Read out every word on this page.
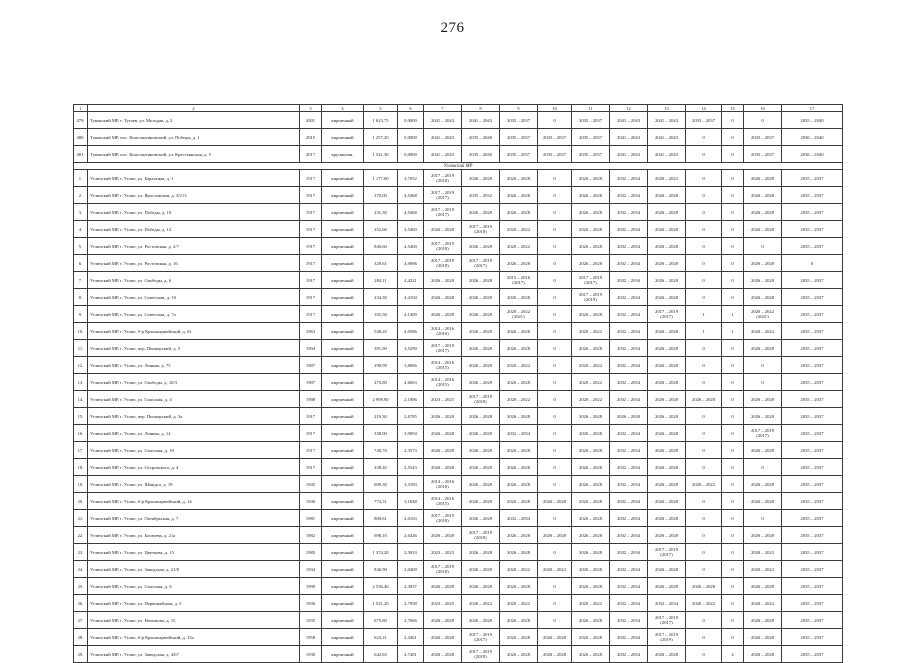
276
1	2	3	4	5	6	7	8	9	10	11	12	13	14	15	16	17
479.	Тунакский МР, г. Тутаев, ул. Молодая, д. 2	2001	кирпичный	1 623,75	0,0000	2041 – 2043	2041 – 2043	2035 – 2037	0	2035 – 2037	2041 – 2043	2041 – 2043	2035 – 2037	0	0	2035 – 2040
480.	Тунакский МР, пос. Константиновский, ул. Победы, д. 1	2015	кирпичный	1 257,20	0,0000	2041 – 2043	2035 – 2040	2035 – 2037	2035 – 2037	2035 – 2037	2041 – 2043	2041 – 2043	0	0	2035 – 2037	2036 – 2040
481.	Тунакский МР, пос. Константиновский, ул. Крестьянская, д. 5	2017	крупнопан.	1 541,30	0,0000	2041 – 2043	2035 – 2040	2035 – 2037	2035 – 2037	2035 – 2037	2041 – 2043	2041 – 2043	0	0	2035 – 2037	2036 – 2040
Угличский МР																
1.	Угличский МР, г. Углич, ул. Бархатная, д. 1	1917	кирпичный	1 177,00	3,7052	2017 – 2019 (2018)	2026 – 2028	2026 – 2028	0	2026 – 2028	2032 – 2034	2020 – 2022	0	0	2026 – 2028	2035 – 2037
2.	Угличский МР, г. Углич, ул. Ярославская, д. 25/13	1917	кирпичный	370,00	4,5468	2017 – 2019 (2017)	2035 – 2032	2026 – 2028	0	2026 – 2028	2032 – 2034	2026 – 2028	0	0	2026 – 2028	2035 – 2037
3.	Угличский МР, г. Углич, ул. Победы, д. 10	1917	кирпичный	231,30	4,5468	2017 – 2019 (2017)	2026 – 2028	2026 – 2028	0	2026 – 2028	2032 – 2034	2026 – 2028	0	0	2026 – 2028	2035 – 2037
4.	Угличский МР, г. Углич, ул. Победы, д. 12	1917	кирпичный	252,60	4,5469	2026 – 2028	2017 – 2019 (2018)	2020 – 2022	0	2026 – 2028	2032 – 2034	2026 – 2028	0	0	2026 – 2028	2035 – 2037
5.	Угличский МР, г. Углич, ул. Ростовская, д. 2/7	1917	кирпичный	840,60	4,5469	2017 – 2019 (2018)	2026 – 2028	2020 – 2022	0	2026 – 2028	2032 – 2034	2026 – 2028	0	0	0	2035 – 2037
6.	Угличский МР, г. Углич, ул. Ростовская, д. 16	1917	кирпичный	329,61	4,9096	2017 – 2019 (2018)	2017 – 2019 (2017)	2026 – 2028	0	2026 – 2028	2032 – 2034	2026 – 2028	0	0	2026 – 2028	0
7.	Угличский МР, г. Углич, ул. Свободы, д. 6	1917	кирпичный	284,11	4,4221	2026 – 2028	2026 – 2028	2015 – 2016 (2017)	0	2017 – 2019 (2017)	2032 – 2034	2026 – 2028	0	0	2026 – 2028	2035 – 2037
8.	Угличский МР, г. Углич, ул. Советская, д. 10	1917	кирпичный	234,30	4,4194	2026 – 2028	2026 – 2028	2026 – 2028	0	2017 – 2019 (2019)	2032 – 2034	2026 – 2028	0	0	2026 – 2028	2035 – 2037
9.	Угличский МР, г. Углич, ул. Советская, д. 7а	1917	кирпичный	165,50	4,1409	2026 – 2028	2026 – 2028	2020 – 2022 (2021)	0	2026 – 2028	2032 – 2034	2017 – 2019 (2017)	1	1	2020 – 2022 (2021)	2035 – 2037
10.	Угличский МР, г. Углич, б-р Красноармейский, д. 61	1963	кирпичный	548,20	4,0386	2014 – 2016 (2016)	2026 – 2028	2026 – 2028	0	2020 – 2022	2032 – 2034	2026 – 2028	1	1	2020 – 2022	2035 – 2037
11.	Угличский МР, г. Углич, пер. Пионерский, д. 5	1904	кирпичный	391,90	3,5299	2017 – 2019 (2017)	2026 – 2028	2026 – 2028	0	2026 – 2028	2032 – 2034	2026 – 2028	0	0	2026 – 2028	2035 – 2037
12.	Угличский МР, г. Углич, ул. Ленина, д. 75	1907	кирпичный	290,99	3,8066	2014 – 2016 (2015)	2026 – 2028	2020 – 2022	0	2020 – 2022	2032 – 2034	2026 – 2028	0	0	0	2035 – 2037
13.	Угличский МР, г. Углич, ул. Свободы, д. 10/3	1907	кирпичный	273,80	4,6063	2014 – 2016 (2015)	2026 – 2028	2026 – 2028	0	2020 – 2022	2032 – 2034	2026 – 2028	0	0	0	2035 – 2037
14.	Угличский МР, г. Углич, ул. Спасская, д. 4	1908	кирпичный	2 998,90	2,1986	2023 – 2025	2017 – 2019 (2018)	2020 – 2022	0	2020 – 2022	2032 – 2034	2026 – 2028	2026 – 2028	0	2026 – 2028	2035 – 2037
15.	Угличский МР, г. Углич, пер. Пионерский, д. 3а	1917	кирпичный	219,30	2,6785	2026 – 2028	2026 – 2028	2026 – 2028	0	2026 – 2028	2026 – 2028	2026 – 2028	0	0	2026 – 2028	2035 – 2037
16.	Угличский МР, г. Углич, ул. Ленина, д. 14	1917	кирпичный	338,00	3,9094	2026 – 2028	2026 – 2028	2032 – 2034	0	2026 – 2028	2032 – 2034	2026 – 2028	0	0	2017 – 2019 (2017)	2035 – 2037
17.	Угличский МР, г. Углич, ул. Спасская, д. 10	1917	кирпичный	740,70	2,3573	2026 – 2028	2026 – 2028	2026 – 2028	0	2026 – 2028	2032 – 2034	2026 – 2028	0	0	2026 – 2028	2035 – 2037
18.	Угличский МР, г. Углич, ул. Островского, д. 4	1917	кирпичный	238,40	2,5543	2026 – 2028	2026 – 2028	2026 – 2028	0	2026 – 2028	2032 – 2034	2026 – 2028	0	0	0	2035 – 2037
19.	Угличский МР, г. Углич, ул. Шмидта, д. 19	1945	кирпичный	609,30	3,3183	2014 – 2016 (2016)	2026 – 2028	2026 – 2028	0	2026 – 2028	2032 – 2034	2026 – 2028	2020 – 2022	0	2026 – 2028	2035 – 2037
20.	Угличский МР, г. Углич, б-р Красноармейский, д. 14	1940	кирпичный	774,31	3,1848	2014 – 2016 (2015)	2026 – 2028	2026 – 2028	2026 – 2028	2026 – 2028	2032 – 2034	2026 – 2028	0	0	2026 – 2028	2035 – 2037
21.	Угличский МР, г. Углич, ул. Октябрьская, д. 7	1981	кирпичный	800,61	2,0163	2017 – 2019 (2018)	2026 – 2028	2032 – 2034	0	2026 – 2028	2032 – 2034	2026 – 2028	0	0	0	2035 – 2037
22.	Угличский МР, г. Углич, ул. Богачева, д. 21а	1982	кирпичный	698,10	2,6426	2026 – 2028	2017 – 2019 (2018)	2026 – 2028	2026 – 2028	2026 – 2028	2032 – 2034	2026 – 2028	0	0	2026 – 2028	2035 – 2037
23.	Угличский МР, г. Углич, ул. Цветкова, д. 15	1985	кирпичный	1 374,20	2,3933	2023 – 2025	2026 – 2028	2026 – 2028	0	2026 – 2028	2032 – 2034	2017 – 2019 (2017)	0	0	2020 – 2022	2035 – 2037
24.	Угличский МР, г. Углич, ул. Заводская, д. 21/8	1934	кирпичный	846,90	2,0469	2017 – 2019 (2018)	2026 – 2028	2020 – 2022	2020 – 2022	2026 – 2028	2032 – 2034	2026 – 2028	0	0	2020 – 2022	2035 – 2037
25.	Угличский МР, г. Углич, ул. Спасская, д. 6	1990	кирпичный	2 536,40	2,3937	2026 – 2028	2026 – 2028	2026 – 2028	0	2026 – 2028	2032 – 2034	2026 – 2028	2026 – 2028	0	2026 – 2028	2035 – 2037
26.	Угличский МР, г. Углич, ул. Первомайская, д. 5	1930	кирпичный	1 521,20	2,7958	2023 – 2025	2020 – 2022	2020 – 2022	0	2020 – 2022	2032 – 2034	2032 – 2034	2020 – 2022	0	2020 – 2022	2035 – 2037
27.	Угличский МР, г. Углич, ул. Нахимова, д. 15	1935	кирпичный	675,80	2,7666	2026 – 2028	2026 – 2028	2026 – 2028	0	2026 – 2028	2032 – 2034	2017 – 2019 (2017)	0	0	2026 – 2028	2035 – 2037
28.	Угличский МР, г. Углич, б-р Красноармейский, д. 15а	1958	кирпичный	623,21	2,3461	2026 – 2028	2017 – 2019 (2017)	2026 – 2028	2026 – 2028	2026 – 2028	2032 – 2034	2017 – 2019 (2019)	0	0	2026 – 2028	2035 – 2037
29.	Угличский МР, г. Углич, ул. Заводская, д. 4/67	1938	кирпичный	642,83	2,7481	2026 – 2028	2017 – 2019 (2018)	2026 – 2028	2026 – 2028	2026 – 2028	2032 – 2034	2026 – 2028	0	4	2026 – 2028	2035 – 2037
